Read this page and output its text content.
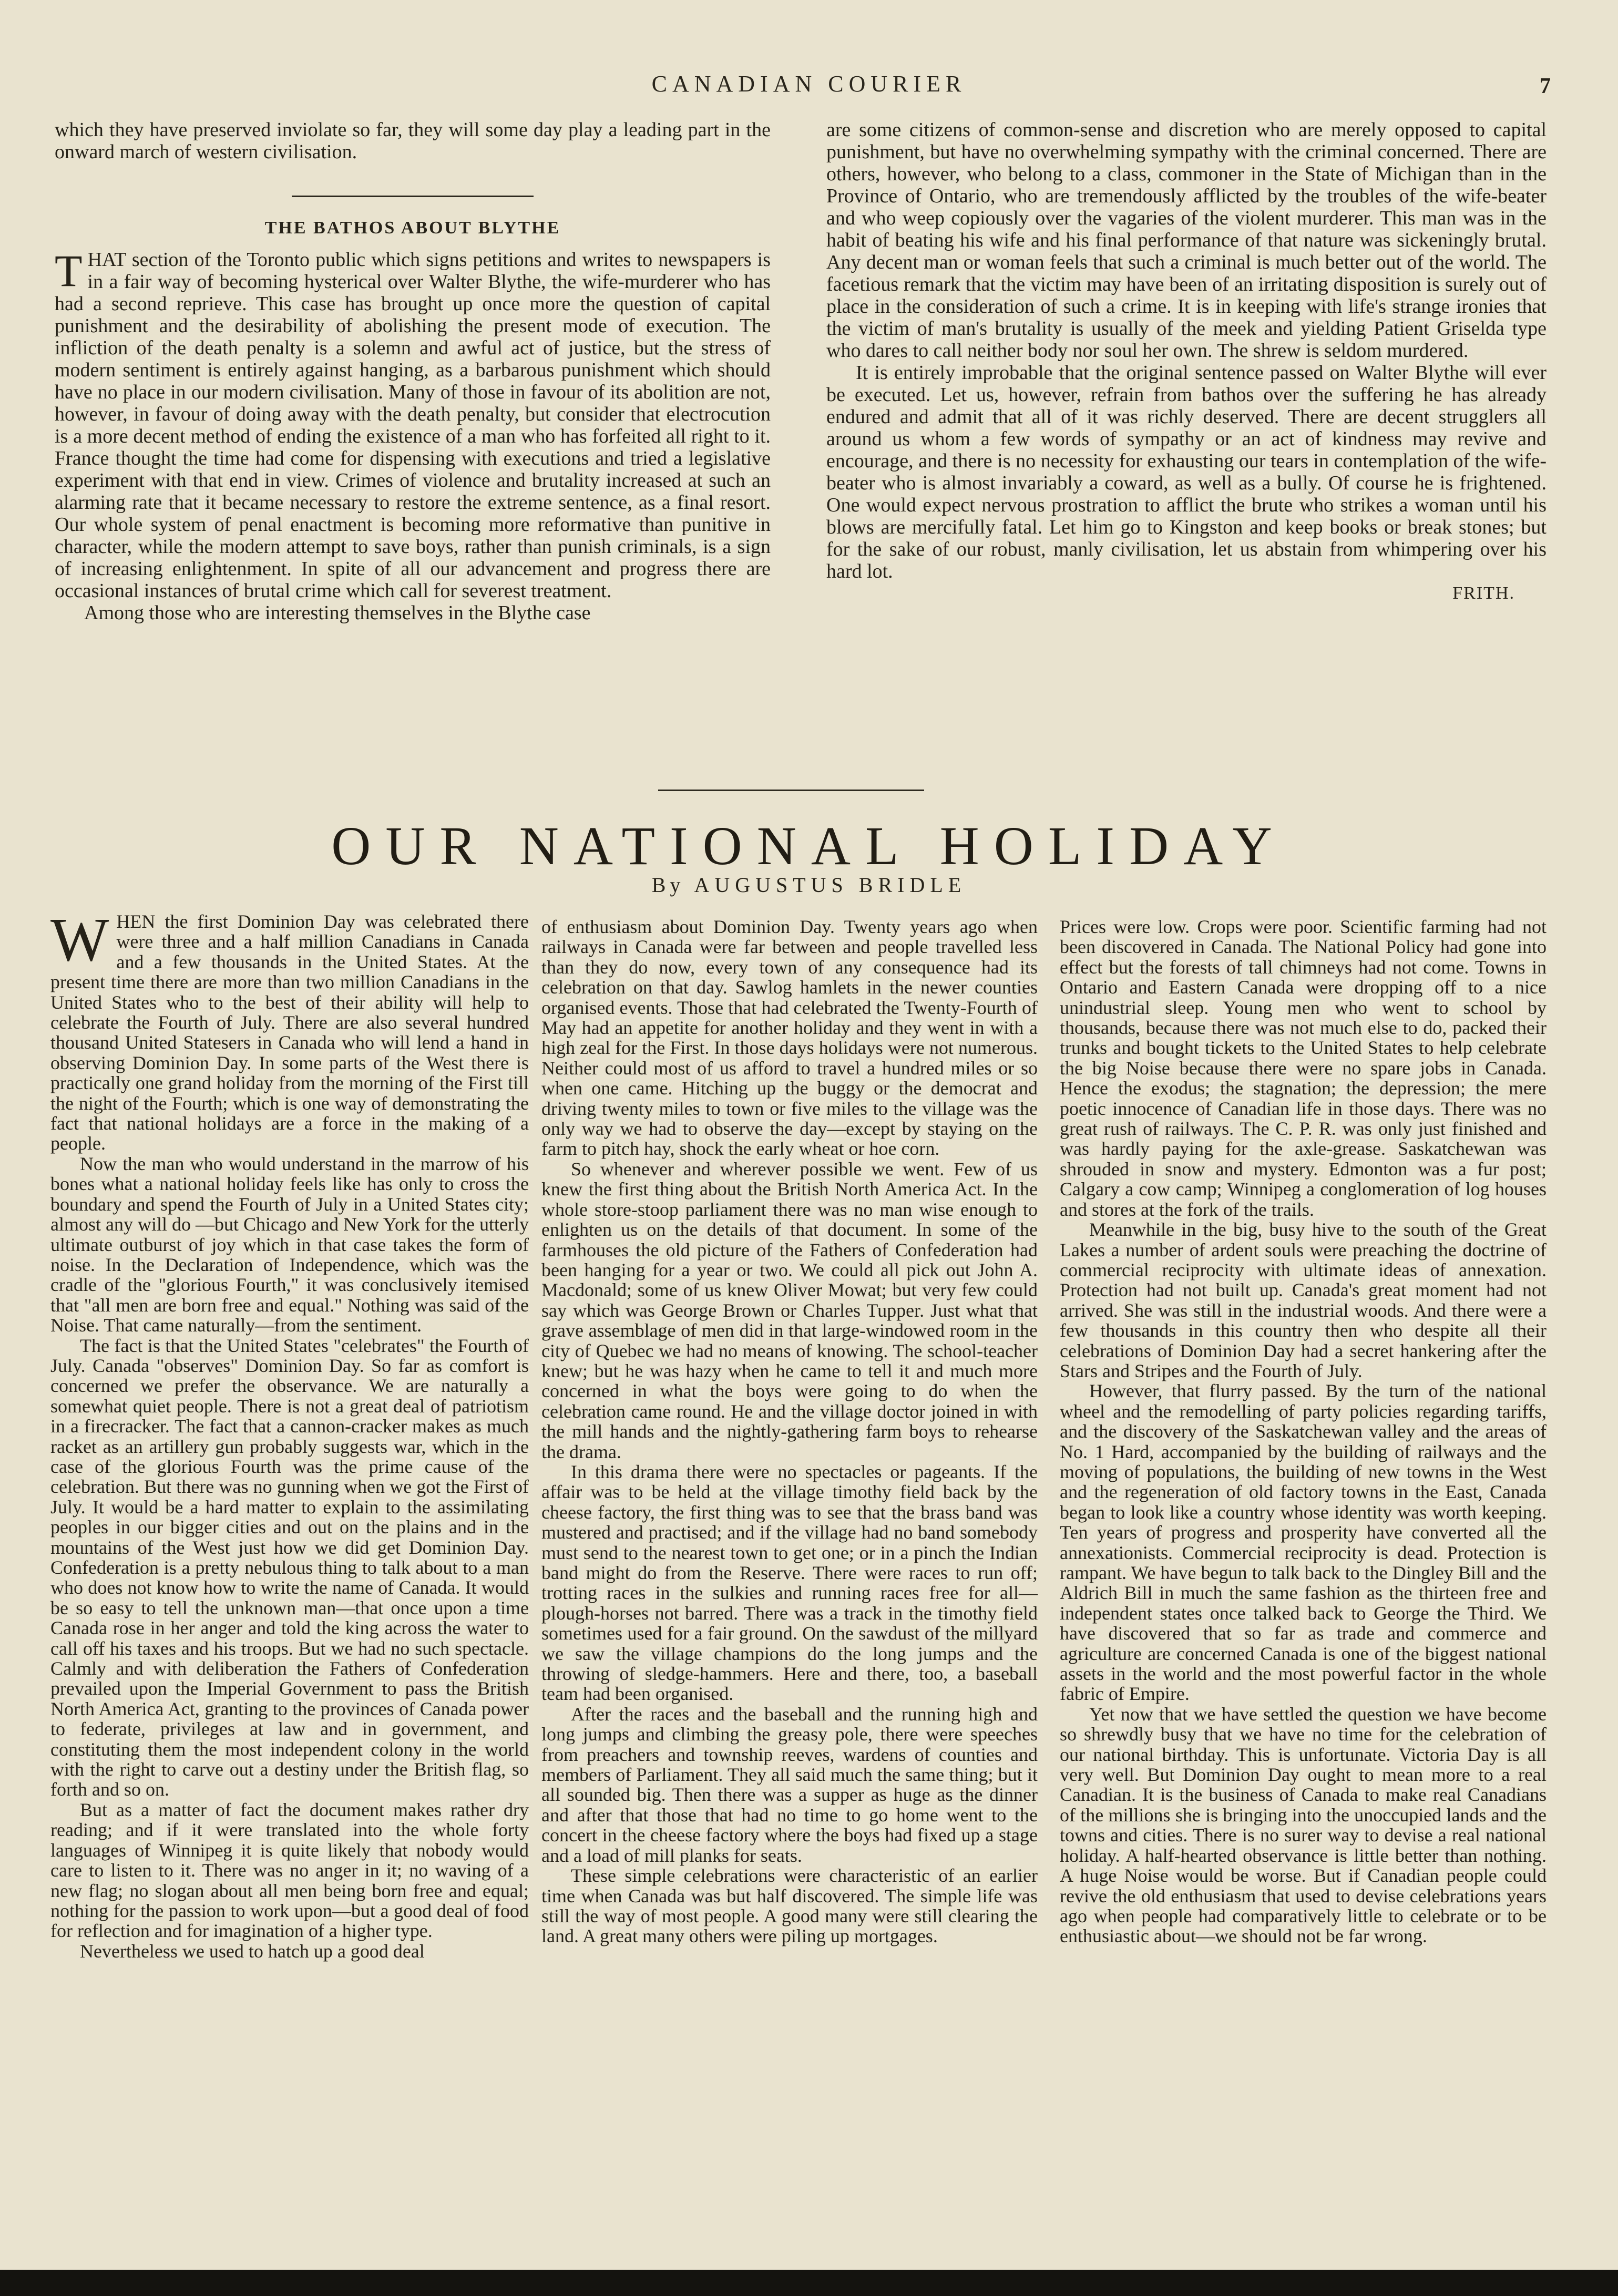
CANADIAN COURIER	7

which they have preserved inviolate so far, they will some day play a leading part in the onward march of western civilisation.

THE BATHOS ABOUT BLYTHE

THAT section of the Toronto public which signs petitions and writes to newspapers is in a fair way of becoming hysterical over Walter Blythe, the wife-murderer who has had a second reprieve. This case has brought up once more the question of capital punishment and the desirability of abolishing the present mode of execution. The infliction of the death penalty is a solemn and awful act of justice, but the stress of modern sentiment is entirely against hanging, as a barbarous punishment which should have no place in our modern civilisation. Many of those in favour of its abolition are not, however, in favour of doing away with the death penalty, but consider that electrocution is a more decent method of ending the existence of a man who has forfeited all right to it. France thought the time had come for dispensing with executions and tried a legislative experiment with that end in view. Crimes of violence and brutality increased at such an alarming rate that it became necessary to restore the extreme sentence, as a final resort. Our whole system of penal enactment is becoming more reformative than punitive in character, while the modern attempt to save boys, rather than punish criminals, is a sign of increasing enlightenment. In spite of all our advancement and progress there are occasional instances of brutal crime which call for severest treatment.

Among those who are interesting themselves in the Blythe case

are some citizens of common-sense and discretion who are merely opposed to capital punishment, but have no overwhelming sympathy with the criminal concerned. There are others, however, who belong to a class, commoner in the State of Michigan than in the Province of Ontario, who are tremendously afflicted by the troubles of the wife-beater and who weep copiously over the vagaries of the violent murderer. This man was in the habit of beating his wife and his final performance of that nature was sickeningly brutal. Any decent man or woman feels that such a criminal is much better out of the world. The facetious remark that the victim may have been of an irritating disposition is surely out of place in the consideration of such a crime. It is in keeping with life's strange ironies that the victim of man's brutality is usually of the meek and yielding Patient Griselda type who dares to call neither body nor soul her own. The shrew is seldom murdered.

It is entirely improbable that the original sentence passed on Walter Blythe will ever be executed. Let us, however, refrain from bathos over the suffering he has already endured and admit that all of it was richly deserved. There are decent strugglers all around us whom a few words of sympathy or an act of kindness may revive and encourage, and there is no necessity for exhausting our tears in contemplation of the wife-beater who is almost invariably a coward, as well as a bully. Of course he is frightened. One would expect nervous prostration to afflict the brute who strikes a woman until his blows are mercifully fatal. Let him go to Kingston and keep books or break stones; but for the sake of our robust, manly civilisation, let us abstain from whimpering over his hard lot.

FRITH.
OUR NATIONAL HOLIDAY
By AUGUSTUS BRIDLE

WHEN the first Dominion Day was celebrated there were three and a half million Canadians in Canada and a few thousands in the United States. At the present time there are more than two million Canadians in the United States who to the best of their ability will help to celebrate the Fourth of July. There are also several hundred thousand United Statesers in Canada who will lend a hand in observing Dominion Day. In some parts of the West there is practically one grand holiday from the morning of the First till the night of the Fourth; which is one way of demonstrating the fact that national holidays are a force in the making of a people.

Now the man who would understand in the marrow of his bones what a national holiday feels like has only to cross the boundary and spend the Fourth of July in a United States city; almost any will do —but Chicago and New York for the utterly ultimate outburst of joy which in that case takes the form of noise. In the Declaration of Independence, which was the cradle of the "glorious Fourth," it was conclusively itemised that "all men are born free and equal." Nothing was said of the Noise. That came naturally—from the sentiment.

The fact is that the United States "celebrates" the Fourth of July. Canada "observes" Dominion Day. So far as comfort is concerned we prefer the observance. We are naturally a somewhat quiet people. There is not a great deal of patriotism in a firecracker. The fact that a cannon-cracker makes as much racket as an artillery gun probably suggests war, which in the case of the glorious Fourth was the prime cause of the celebration. But there was no gunning when we got the First of July. It would be a hard matter to explain to the assimilating peoples in our bigger cities and out on the plains and in the mountains of the West just how we did get Dominion Day. Confederation is a pretty nebulous thing to talk about to a man who does not know how to write the name of Canada. It would be so easy to tell the unknown man—that once upon a time Canada rose in her anger and told the king across the water to call off his taxes and his troops. But we had no such spectacle. Calmly and with deliberation the Fathers of Confederation prevailed upon the Imperial Government to pass the British North America Act, granting to the provinces of Canada power to federate, privileges at law and in government, and constituting them the most independent colony in the world with the right to carve out a destiny under the British flag, so forth and so on.

But as a matter of fact the document makes rather dry reading; and if it were translated into the whole forty languages of Winnipeg it is quite likely that nobody would care to listen to it. There was no anger in it; no waving of a new flag; no slogan about all men being born free and equal; nothing for the passion to work upon—but a good deal of food for reflection and for imagination of a higher type.

Nevertheless we used to hatch up a good deal

of enthusiasm about Dominion Day. Twenty years ago when railways in Canada were far between and people travelled less than they do now, every town of any consequence had its celebration on that day. Sawlog hamlets in the newer counties organised events. Those that had celebrated the Twenty-Fourth of May had an appetite for another holiday and they went in with a high zeal for the First. In those days holidays were not numerous. Neither could most of us afford to travel a hundred miles or so when one came. Hitching up the buggy or the democrat and driving twenty miles to town or five miles to the village was the only way we had to observe the day—except by staying on the farm to pitch hay, shock the early wheat or hoe corn.

So whenever and wherever possible we went. Few of us knew the first thing about the British North America Act. In the whole store-stoop parliament there was no man wise enough to enlighten us on the details of that document. In some of the farmhouses the old picture of the Fathers of Confederation had been hanging for a year or two. We could all pick out John A. Macdonald; some of us knew Oliver Mowat; but very few could say which was George Brown or Charles Tupper. Just what that grave assemblage of men did in that large-windowed room in the city of Quebec we had no means of knowing. The school-teacher knew; but he was hazy when he came to tell it and much more concerned in what the boys were going to do when the celebration came round. He and the village doctor joined in with the mill hands and the nightly-gathering farm boys to rehearse the drama.

In this drama there were no spectacles or pageants. If the affair was to be held at the village timothy field back by the cheese factory, the first thing was to see that the brass band was mustered and practised; and if the village had no band somebody must send to the nearest town to get one; or in a pinch the Indian band might do from the Reserve. There were races to run off; trotting races in the sulkies and running races free for all—plough-horses not barred. There was a track in the timothy field sometimes used for a fair ground. On the sawdust of the millyard we saw the village champions do the long jumps and the throwing of sledge-hammers. Here and there, too, a baseball team had been organised.

After the races and the baseball and the running high and long jumps and climbing the greasy pole, there were speeches from preachers and township reeves, wardens of counties and members of Parliament. They all said much the same thing; but it all sounded big. Then there was a supper as huge as the dinner and after that those that had no time to go home went to the concert in the cheese factory where the boys had fixed up a stage and a load of mill planks for seats.

These simple celebrations were characteristic of an earlier time when Canada was but half discovered. The simple life was still the way of most people. A good many were still clearing the land. A great many others were piling up mortgages.

Prices were low. Crops were poor. Scientific farming had not been discovered in Canada. The National Policy had gone into effect but the forests of tall chimneys had not come. Towns in Ontario and Eastern Canada were dropping off to a nice unindustrial sleep. Young men who went to school by thousands, because there was not much else to do, packed their trunks and bought tickets to the United States to help celebrate the big Noise because there were no spare jobs in Canada. Hence the exodus; the stagnation; the depression; the mere poetic innocence of Canadian life in those days. There was no great rush of railways. The C. P. R. was only just finished and was hardly paying for the axle-grease. Saskatchewan was shrouded in snow and mystery. Edmonton was a fur post; Calgary a cow camp; Winnipeg a conglomeration of log houses and stores at the fork of the trails.

Meanwhile in the big, busy hive to the south of the Great Lakes a number of ardent souls were preaching the doctrine of commercial reciprocity with ultimate ideas of annexation. Protection had not built up. Canada's great moment had not arrived. She was still in the industrial woods. And there were a few thousands in this country then who despite all their celebrations of Dominion Day had a secret hankering after the Stars and Stripes and the Fourth of July.

However, that flurry passed. By the turn of the national wheel and the remodelling of party policies regarding tariffs, and the discovery of the Saskatchewan valley and the areas of No. 1 Hard, accompanied by the building of railways and the moving of populations, the building of new towns in the West and the regeneration of old factory towns in the East, Canada began to look like a country whose identity was worth keeping. Ten years of progress and prosperity have converted all the annexationists. Commercial reciprocity is dead. Protection is rampant. We have begun to talk back to the Dingley Bill and the Aldrich Bill in much the same fashion as the thirteen free and independent states once talked back to George the Third. We have discovered that so far as trade and commerce and agriculture are concerned Canada is one of the biggest national assets in the world and the most powerful factor in the whole fabric of Empire.

Yet now that we have settled the question we have become so shrewdly busy that we have no time for the celebration of our national birthday. This is unfortunate. Victoria Day is all very well. But Dominion Day ought to mean more to a real Canadian. It is the business of Canada to make real Canadians of the millions she is bringing into the unoccupied lands and the towns and cities. There is no surer way to devise a real national holiday. A half-hearted observance is little better than nothing. A huge Noise would be worse. But if Canadian people could revive the old enthusiasm that used to devise celebrations years ago when people had comparatively little to celebrate or to be enthusiastic about—we should not be far wrong.
